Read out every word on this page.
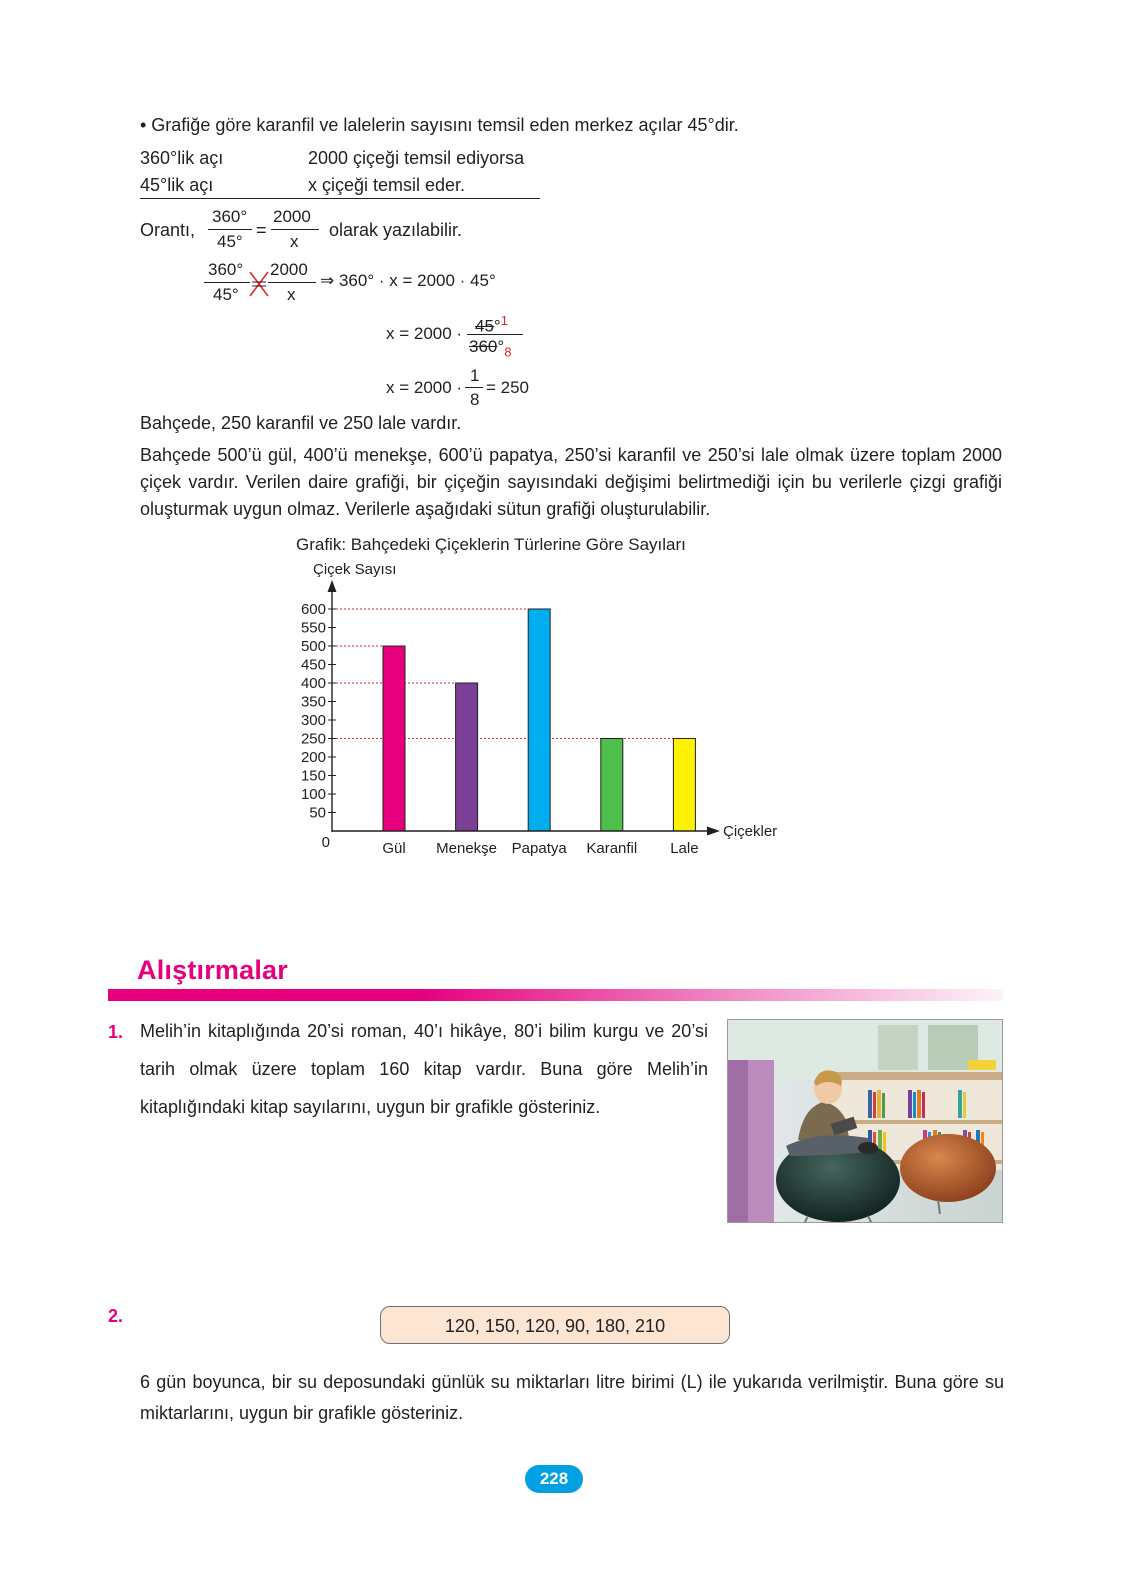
• Grafiğe göre karanfil ve lalelerin sayısını temsil eden merkez açılar 45°dir.
360°lik açı	2000 çiçeği temsil ediyorsa
45°lik açı	x çiçeği temsil eder.
Orantı,
360°
45°
=
2000
x
olarak yazılabilir.
360°
45°
2000
x
⇒ 360° · x = 2000 · 45°
x = 2000 · 45°$^1$
$360^\circ_8$
x = 2000 ·
1
8
= 250
Bahçede, 250 karanfil ve 250 lale vardır.
Bahçede 500’ü gül, 400’ü menekşe, 600’ü papatya, 250’si karanfil ve 250’si lale olmak üzere toplam 2000 çiçek vardır. Verilen daire grafiği, bir çiçeğin sayısındaki değişimi belirtmediği için bu verilerle çizgi grafiği oluşturmak uygun olmaz. Verilerle aşağıdaki sütun grafiği oluşturulabilir.
Grafik: Bahçedeki Çiçeklerin Türlerine Göre Sayıları
Çiçek Sayısı
0
50
100
150
200
250
300
350
400
450
500
550
600
Gül Menekşe Papatya Karanfil Lale
Çiçekler
Alıştırmalar
1. Melih’in kitaplığında 20’si roman, 40’ı hikâye, 80’i bilim kurgu ve 20’si tarih olmak üzere toplam 160 kitap vardır. Buna göre Melih’in kitaplığındaki kitap sayılarını, uygun bir grafikle gösteriniz.
2.	120, 150, 120, 90, 180, 210
6 gün boyunca, bir su deposundaki günlük su miktarları litre birimi (L) ile yukarıda verilmiştir. Buna göre su miktarlarını, uygun bir grafikle gösteriniz.
228
